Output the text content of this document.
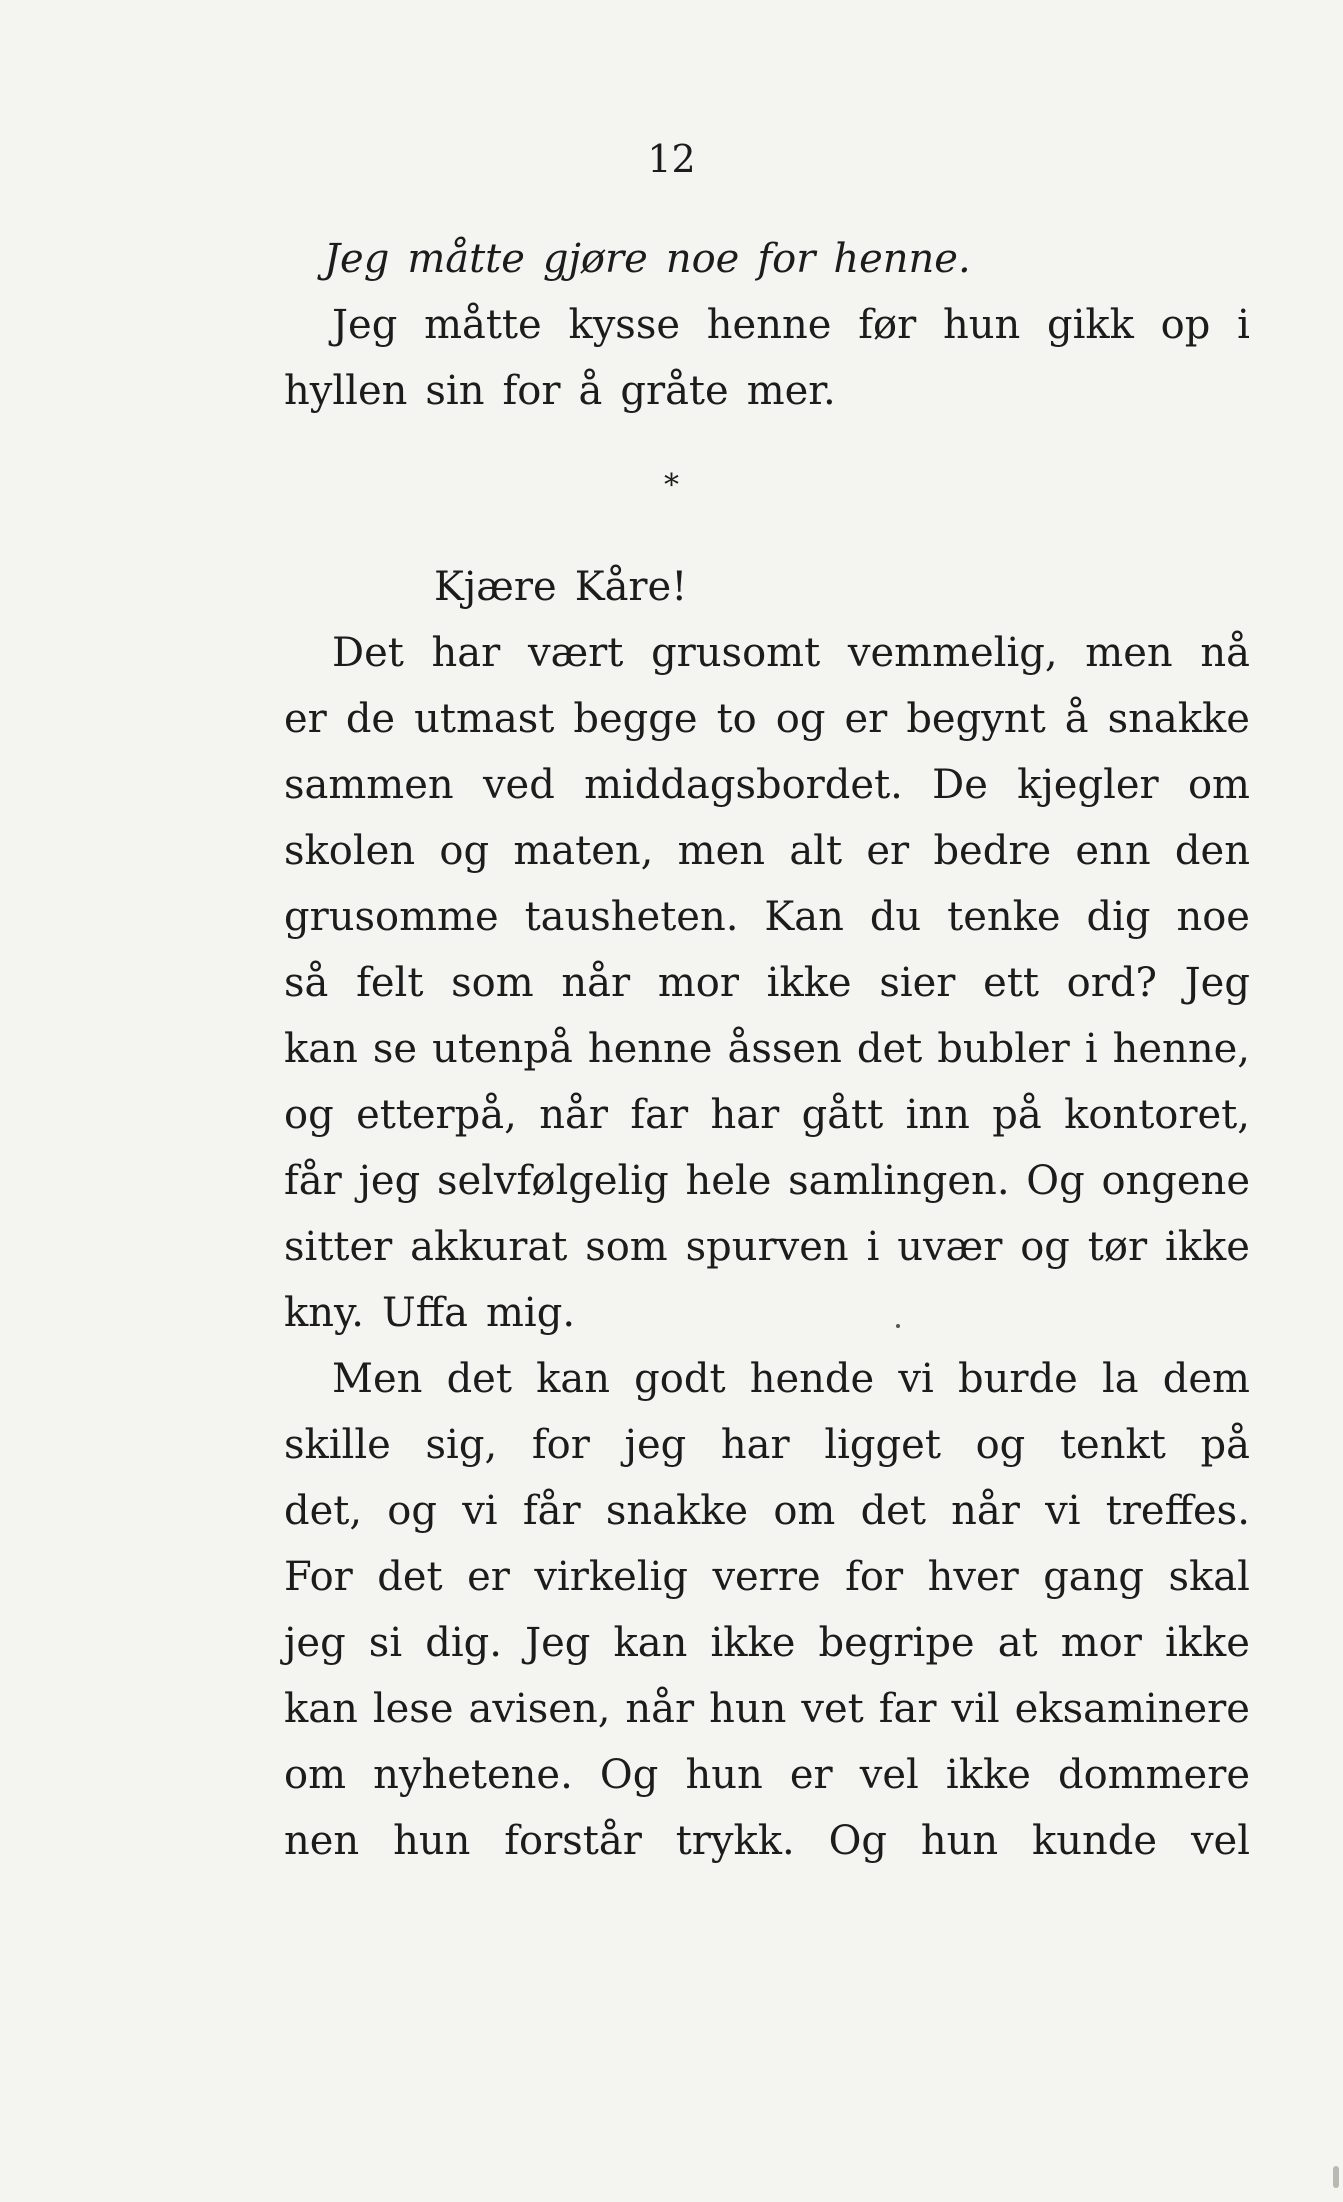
12
Jeg måtte gjøre noe for henne.
Jeg måtte kysse henne før hun gikk op i
hyllen sin for å gråte mer.
*
Kjære Kåre!
Det har vært grusomt vemmelig, men nå
er de utmast begge to og er begynt å snakke
sammen ved middagsbordet. De kjegler om
skolen og maten, men alt er bedre enn den
grusomme tausheten. Kan du tenke dig noe
så felt som når mor ikke sier ett ord? Jeg
kan se utenpå henne åssen det bubler i henne,
og etterpå, når far har gått inn på kontoret,
får jeg selvfølgelig hele samlingen. Og ongene
sitter akkurat som spurven i uvær og tør ikke
kny. Uffa mig.
Men det kan godt hende vi burde la dem
skille sig, for jeg har ligget og tenkt på
det, og vi får snakke om det når vi treffes.
For det er virkelig verre for hver gang skal
jeg si dig. Jeg kan ikke begripe at mor ikke
kan lese avisen, når hun vet far vil eksaminere
om nyhetene. Og hun er vel ikke dommere
nen hun forstår trykk. Og hun kunde vel
